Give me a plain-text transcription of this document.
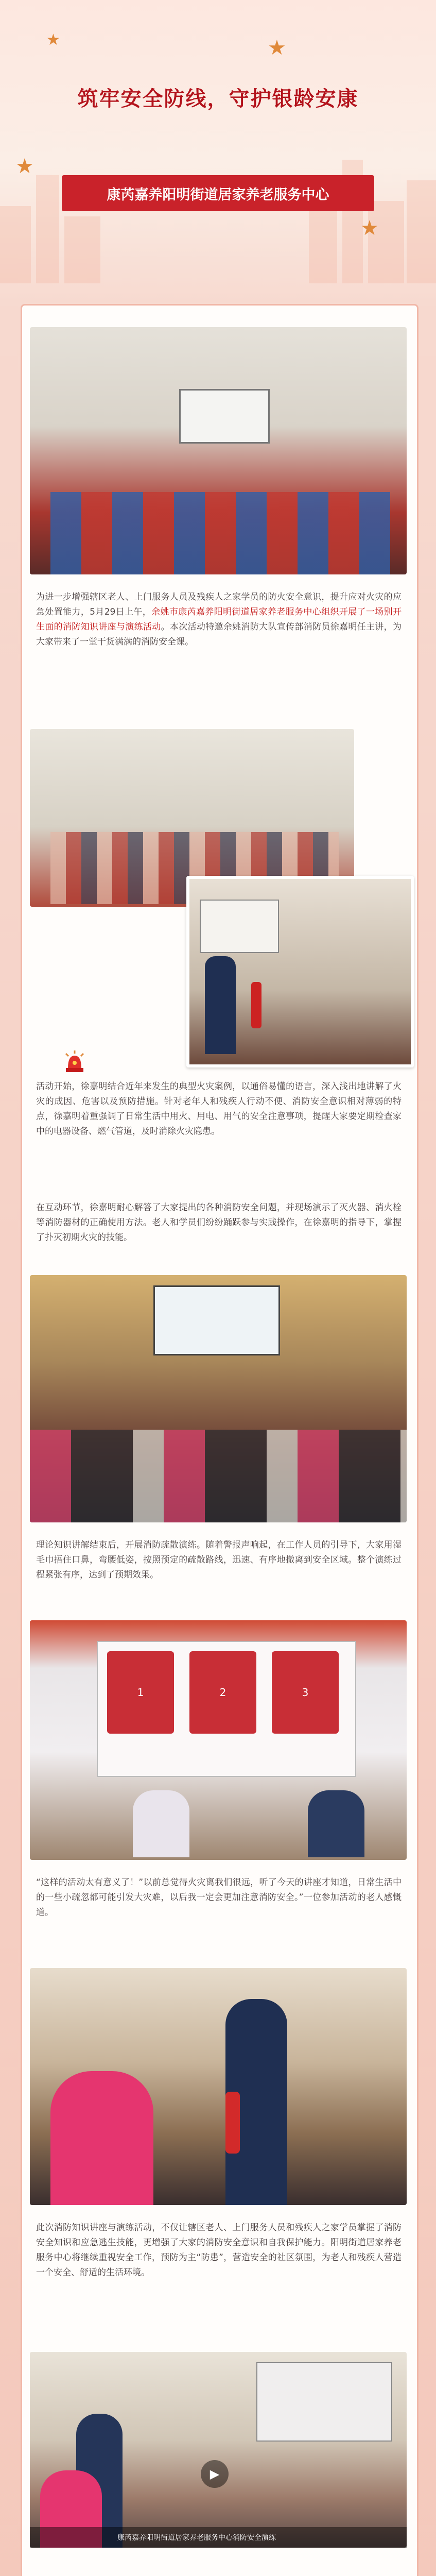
★	★
★
★
筑牢安全防线，守护银龄安康
康芮嘉养阳明街道居家养老服务中心
为进一步增强辖区老人、上门服务人员及残疾人之家学员的防火安全意识，提升应对火灾的应急处置能力，5月29日上午，余姚市康芮嘉养阳明街道居家养老服务中心组织开展了一场别开生面的消防知识讲座与演练活动。本次活动特邀余姚消防大队宣传部消防员徐嘉明任主讲，为大家带来了一堂干货满满的消防安全课。
活动开始，徐嘉明结合近年来发生的典型火灾案例，以通俗易懂的语言，深入浅出地讲解了火灾的成因、危害以及预防措施。针对老年人和残疾人行动不便、消防安全意识相对薄弱的特点，徐嘉明着重强调了日常生活中用火、用电、用气的安全注意事项，提醒大家要定期检查家中的电器设备、燃气管道，及时消除火灾隐患。
在互动环节，徐嘉明耐心解答了大家提出的各种消防安全问题，并现场演示了灭火器、消火栓等消防器材的正确使用方法。老人和学员们纷纷踊跃参与实践操作，在徐嘉明的指导下，掌握了扑灭初期火灾的技能。
理论知识讲解结束后，开展消防疏散演练。随着警报声响起，在工作人员的引导下，大家用湿毛巾捂住口鼻，弯腰低姿，按照预定的疏散路线，迅速、有序地撤离到安全区域。整个演练过程紧张有序，达到了预期效果。
1	2	3
“这样的活动太有意义了！”以前总觉得火灾离我们很远，听了今天的讲座才知道，日常生活中的一些小疏忽都可能引发大灾难，以后我一定会更加注意消防安全。”一位参加活动的老人感慨道。
此次消防知识讲座与演练活动，不仅让辖区老人、上门服务人员和残疾人之家学员掌握了消防安全知识和应急逃生技能，更增强了大家的消防安全意识和自我保护能力。阳明街道居家养老服务中心将继续重视安全工作，预防为主“防患”，营造安全的社区氛围，为老人和残疾人营造一个安全、舒适的生活环境。
▶
康芮嘉养阳明街道居家养老服务中心消防安全演练
